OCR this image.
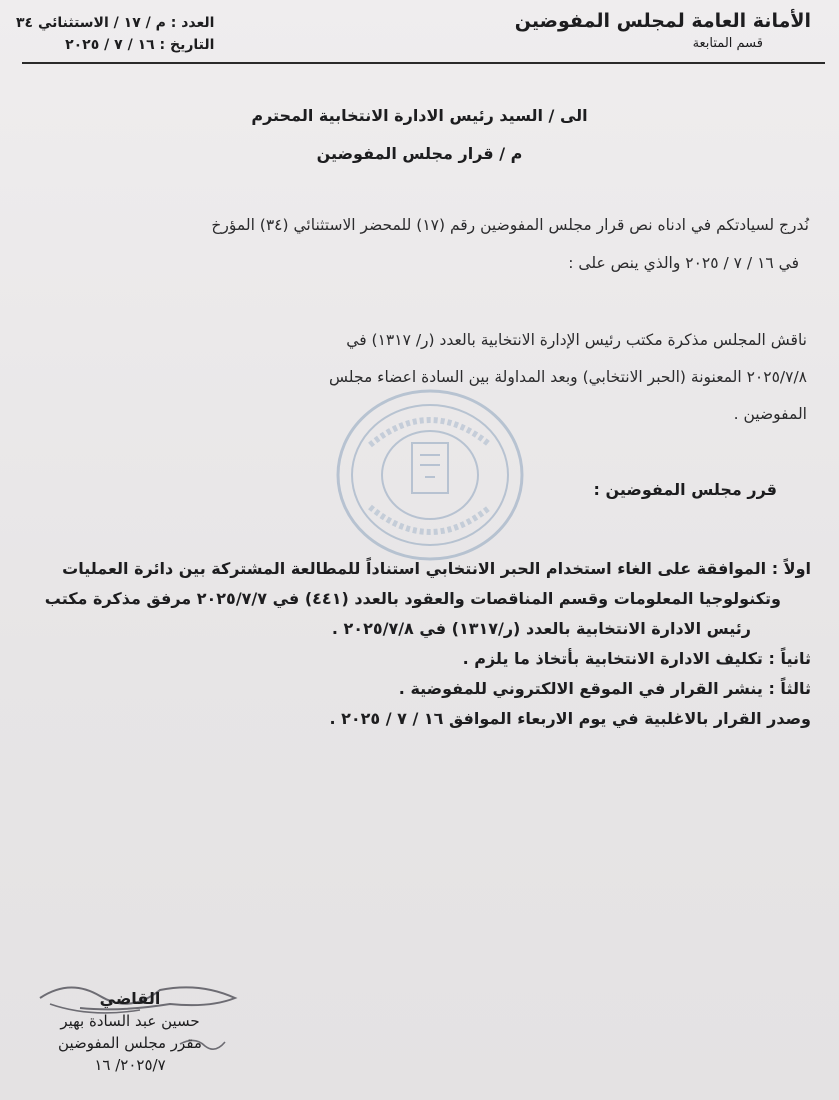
الأمانة العامة لمجلس المفوضين
قسم المتابعة
العدد : م / ١٧ / الاستثنائي ٣٤
التاريخ : ١٦ / ٧ / ٢٠٢٥
الى / السيد رئيس الادارة الانتخابية المحترم
م / قرار مجلس المفوضين
نُدرج لسيادتكم في ادناه نص قرار مجلس المفوضين رقم (١٧) للمحضر الاستثنائي (٣٤) المؤرخ
في ١٦ / ٧ / ٢٠٢٥ والذي ينص على :
ناقش المجلس مذكرة مكتب رئيس الإدارة الانتخابية بالعدد (ر/ ١٣١٧) في
٢٠٢٥/٧/٨ المعنونة (الحبر الانتخابي) وبعد المداولة بين السادة اعضاء مجلس
المفوضين .
قرر مجلس المفوضين :
اولاً : الموافقة على الغاء استخدام الحبر الانتخابي استناداً للمطالعة المشتركة بين دائرة العمليات
وتكنولوجيا المعلومات وقسم المناقصات والعقود بالعدد (٤٤١) في ٢٠٢٥/٧/٧ مرفق مذكرة مكتب
رئيس الادارة الانتخابية بالعدد (ر/١٣١٧) في ٢٠٢٥/٧/٨ .
ثانياً : تكليف الادارة الانتخابية بأتخاذ ما يلزم .
ثالثاً : ينشر القرار في الموقع الالكتروني للمفوضية .
وصدر القرار بالاغلبية في يوم الاربعاء الموافق ١٦ / ٧ / ٢٠٢٥ .
القاضي
حسين عبد السادة بهير
مقرر مجلس المفوضين
٢٠٢٥/٧/ ١٦
